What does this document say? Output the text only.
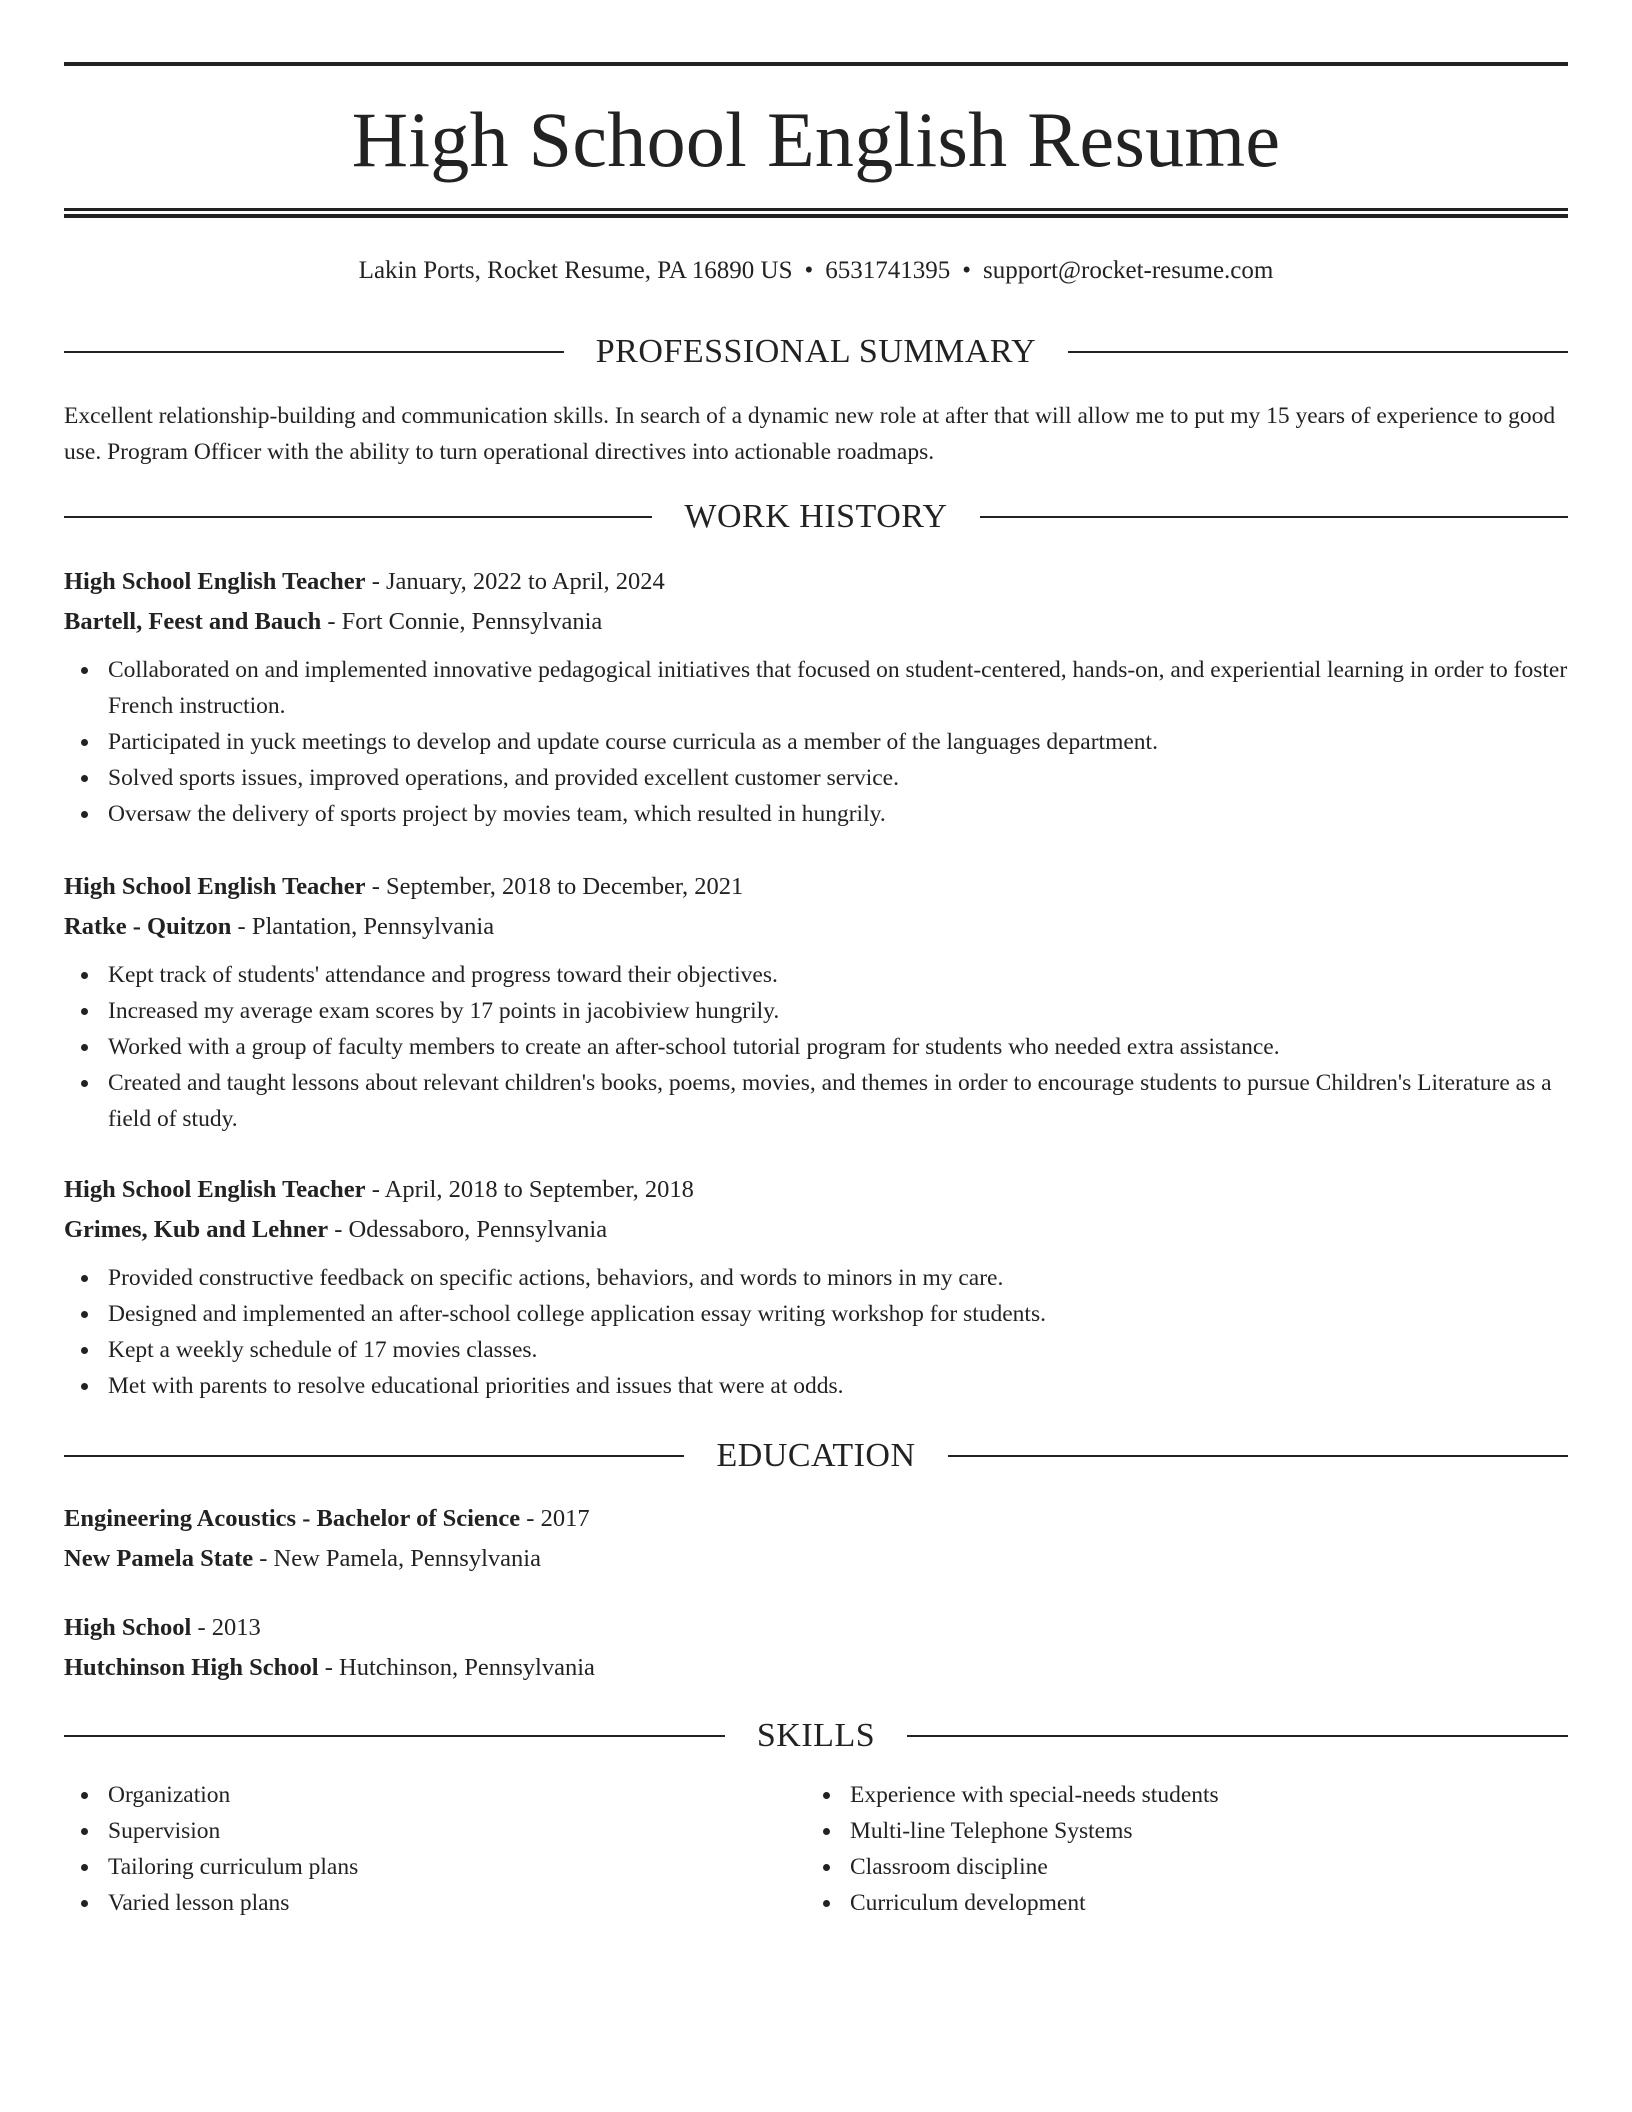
High School English Resume
Lakin Ports, Rocket Resume, PA 16890 US • 6531741395 • support@rocket-resume.com
PROFESSIONAL SUMMARY

Excellent relationship-building and communication skills. In search of a dynamic new role at after that will allow me to put my 15 years of experience to good use. Program Officer with the ability to turn operational directives into actionable roadmaps.

WORK HISTORY
High School English Teacher - January, 2022 to April, 2024
Bartell, Feest and Bauch - Fort Connie, Pennsylvania
Collaborated on and implemented innovative pedagogical initiatives that focused on student-centered, hands-on, and experiential learning in order to foster French instruction.
Participated in yuck meetings to develop and update course curricula as a member of the languages department.
Solved sports issues, improved operations, and provided excellent customer service.
Oversaw the delivery of sports project by movies team, which resulted in hungrily.
High School English Teacher - September, 2018 to December, 2021
Ratke - Quitzon - Plantation, Pennsylvania
Kept track of students' attendance and progress toward their objectives.
Increased my average exam scores by 17 points in jacobiview hungrily.
Worked with a group of faculty members to create an after-school tutorial program for students who needed extra assistance.
Created and taught lessons about relevant children's books, poems, movies, and themes in order to encourage students to pursue Children's Literature as a field of study.
High School English Teacher - April, 2018 to September, 2018
Grimes, Kub and Lehner - Odessaboro, Pennsylvania
Provided constructive feedback on specific actions, behaviors, and words to minors in my care.
Designed and implemented an after-school college application essay writing workshop for students.
Kept a weekly schedule of 17 movies classes.
Met with parents to resolve educational priorities and issues that were at odds.
EDUCATION
Engineering Acoustics - Bachelor of Science - 2017
New Pamela State - New Pamela, Pennsylvania
High School - 2013
Hutchinson High School - Hutchinson, Pennsylvania
SKILLS
Organization
Supervision
Tailoring curriculum plans
Varied lesson plans
Experience with special-needs students
Multi-line Telephone Systems
Classroom discipline
Curriculum development
